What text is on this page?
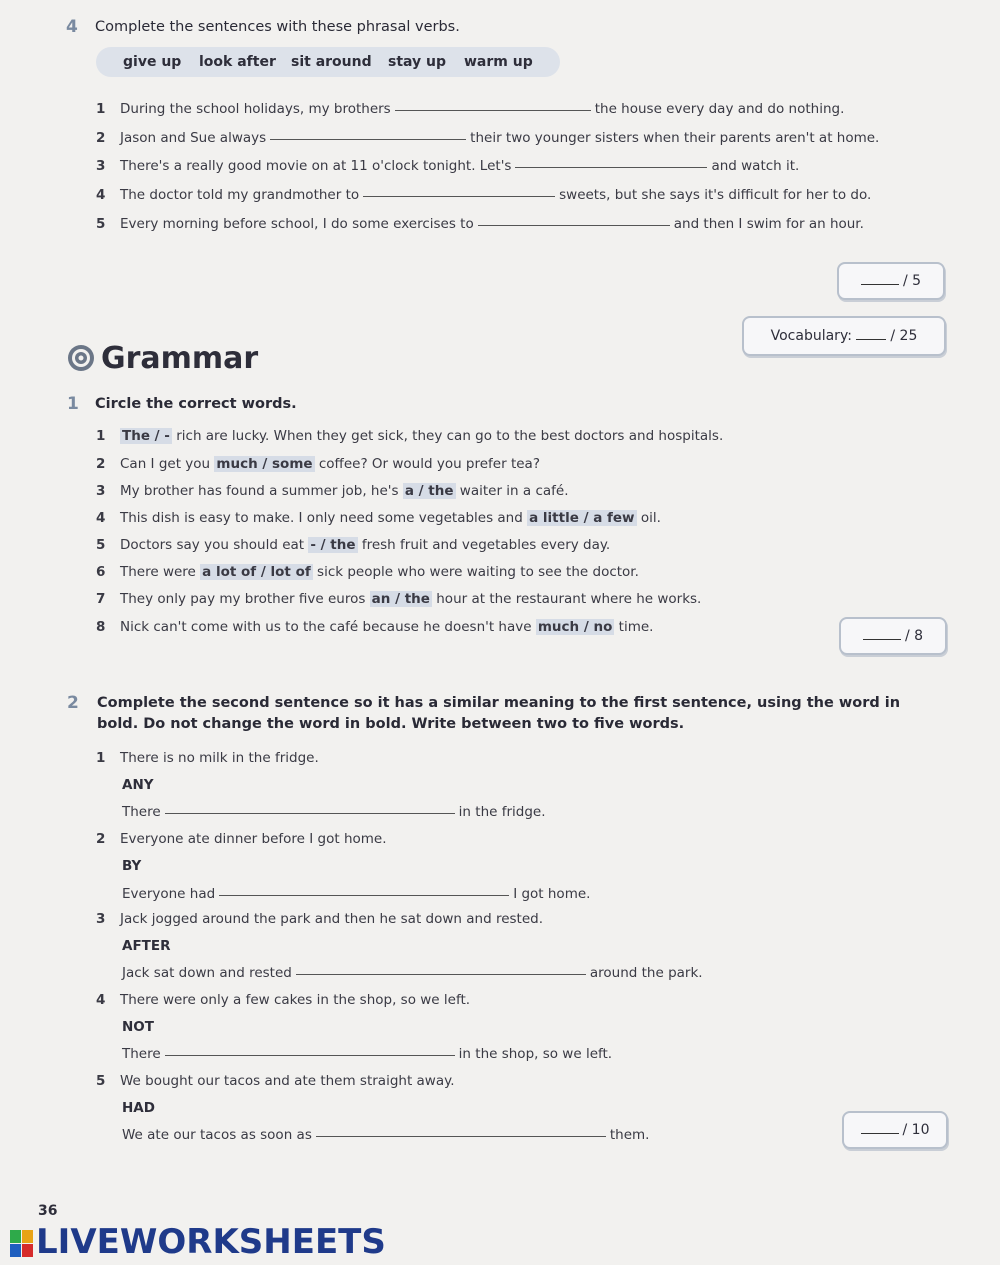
4 Complete the sentences with these phrasal verbs.
give up look after sit around stay up warm up
1 During the school holidays, my brothers	the house every day and do nothing.
2 Jason and Sue always	their two younger sisters when their parents aren't at home.
3 There's a really good movie on at 11 o'clock tonight. Let's	and watch it.
4 The doctor told my grandmother to	sweets, but she says it's difficult for her to do.
5 Every morning before school, I do some exercises to	and then I swim for an hour.
/ 5
Vocabulary:	/ 25
Grammar
1 Circle the correct words.
1 The / - rich are lucky. When they get sick, they can go to the best doctors and hospitals.
2 Can I get you much / some coffee? Or would you prefer tea?
3 My brother has found a summer job, he's a / the waiter in a café.
4 This dish is easy to make. I only need some vegetables and a little / a few oil.
5 Doctors say you should eat - / the fresh fruit and vegetables every day.
6 There were a lot of / lot of sick people who were waiting to see the doctor.
7 They only pay my brother five euros an / the hour at the restaurant where he works.
8 Nick can't come with us to the café because he doesn't have much / no time.
/ 8
2 Complete the second sentence so it has a similar meaning to the first sentence, using the word in
bold. Do not change the word in bold. Write between two to five words.
1 There is no milk in the fridge.
ANY
There	in the fridge.
2 Everyone ate dinner before I got home.
BY
Everyone had	I got home.
3 Jack jogged around the park and then he sat down and rested.
AFTER
Jack sat down and rested	around the park.
4 There were only a few cakes in the shop, so we left.
NOT
There	in the shop, so we left.
5 We bought our tacos and ate them straight away.
HAD
We ate our tacos as soon as	them.	/ 10
36
LIVEWORKSHEETS
